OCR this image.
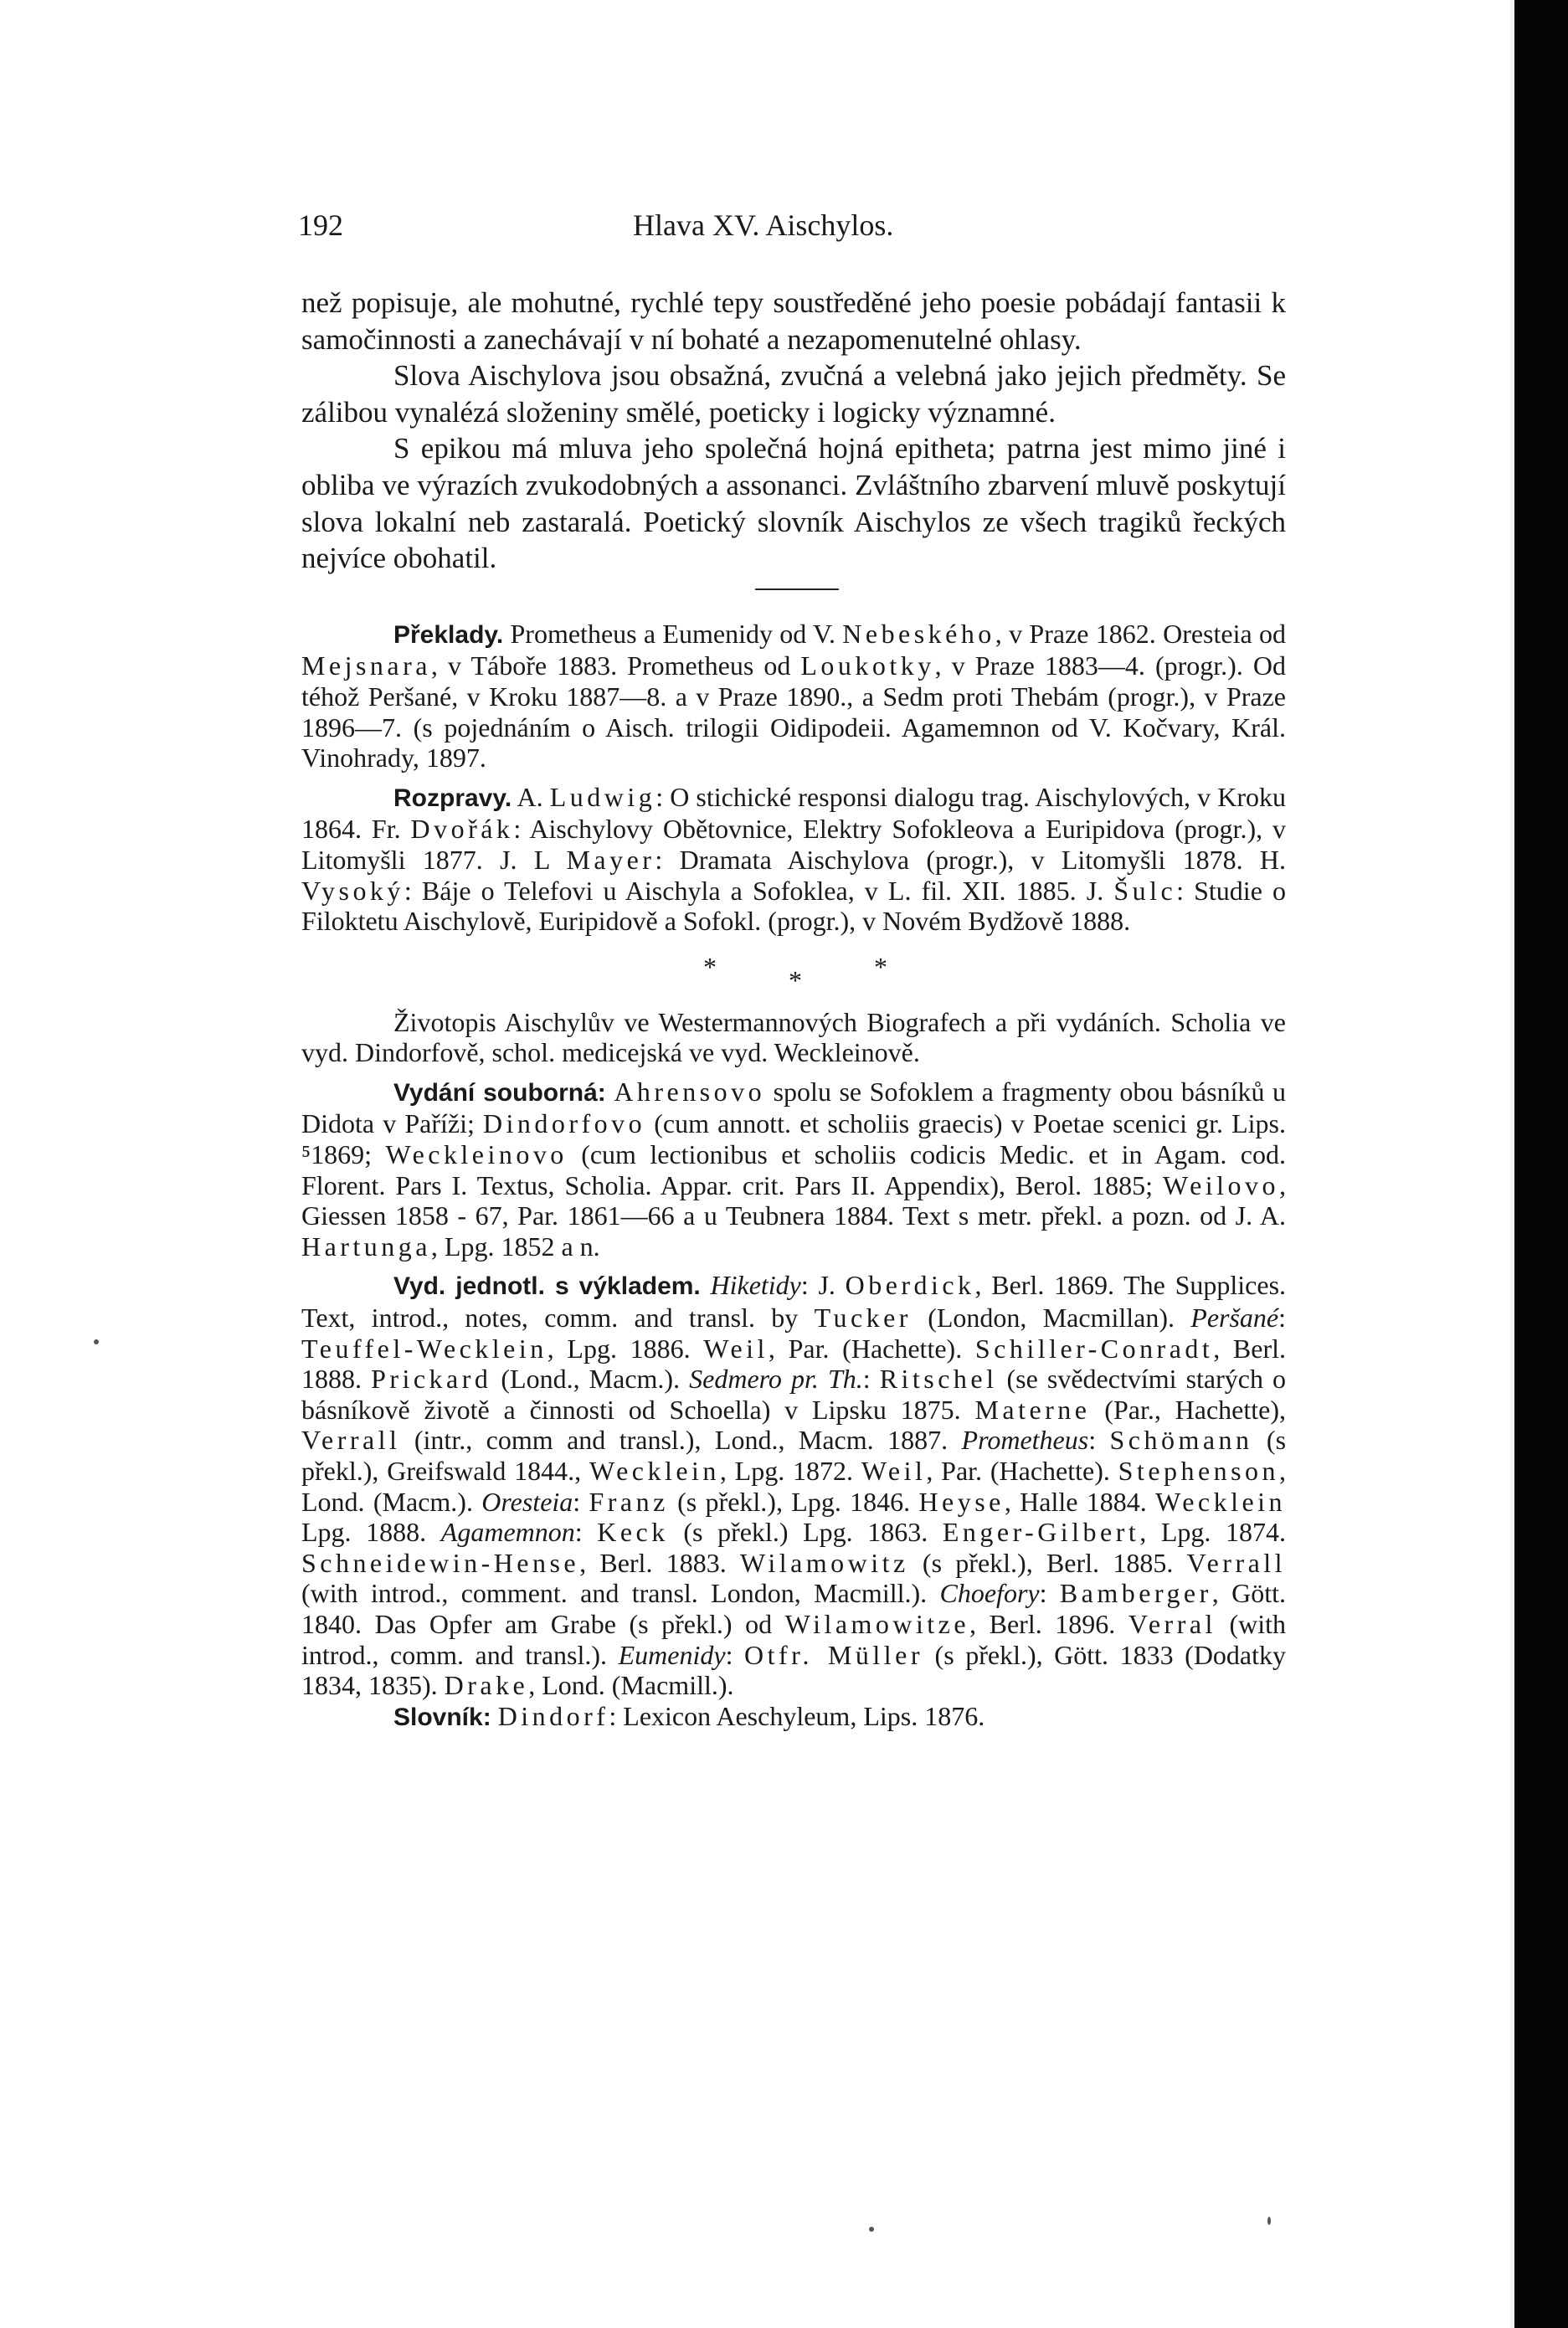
192	Hlava XV. Aischylos.

než popisuje, ale mohutné, rychlé tepy soustředěné jeho poesie pobádají fantasii k samočinnosti a zanechávají v ní bohaté a nezapomenutelné ohlasy.

Slova Aischylova jsou obsažná, zvučná a velebná jako jejich předměty. Se zálibou vynalézá složeniny smělé, poeticky i logicky významné.

S epikou má mluva jeho společná hojná epitheta; patrna jest mimo jiné i obliba ve výrazích zvukodobných a assonanci. Zvláštního zbarvení mluvě poskytují slova lokalní neb zastaralá. Poetický slovník Aischylos ze všech tragiků řeckých nejvíce obohatil.

Překlady. Prometheus a Eumenidy od V. Nebeského, v Praze 1862. Oresteia od Mejsnara, v Táboře 1883. Prometheus od Loukotky, v Praze 1883—4. (progr.). Od téhož Peršané, v Kroku 1887—8. a v Praze 1890., a Sedm proti Thebám (progr.), v Praze 1896—7. (s pojednáním o Aisch. trilogii Oidipodeii. Agamemnon od V. Kočvary, Král. Vinohrady, 1897.

Rozpravy. A. Ludwig: O stichické responsi dialogu trag. Aischylových, v Kroku 1864. Fr. Dvořák: Aischylovy Obětovnice, Elektry Sofokleova a Euripidova (progr.), v Litomyšli 1877. J. L Mayer: Dramata Aischylova (progr.), v Litomyšli 1878. H. Vysoký: Báje o Telefovi u Aischyla a Sofoklea, v L. fil. XII. 1885. J. Šulc: Studie o Filoktetu Aischylově, Euripidově a Sofokl. (progr.), v Novém Bydžově 1888.

*	*	*

Životopis Aischylův ve Westermannových Biografech a při vydáních. Scholia ve vyd. Dindorfově, schol. medicejská ve vyd. Weckleinově.

Vydání souborná: Ahrensovo spolu se Sofoklem a fragmenty obou básníků u Didota v Paříži; Dindorfovo (cum annott. et scholiis graecis) v Poetae scenici gr. Lips. ⁵1869; Weckleinovo (cum lectionibus et scholiis codicis Medic. et in Agam. cod. Florent. Pars I. Textus, Scholia. Appar. crit. Pars II. Appendix), Berol. 1885; Weilovo, Giessen 1858 - 67, Par. 1861—66 a u Teubnera 1884. Text s metr. překl. a pozn. od J. A. Hartunga, Lpg. 1852 a n.

Vyd. jednotl. s výkladem. Hiketidy: J. Oberdick, Berl. 1869. The Supplices. Text, introd., notes, comm. and transl. by Tucker (London, Macmillan). Peršané: Teuffel-Wecklein, Lpg. 1886. Weil, Par. (Hachette). Schiller-Conradt, Berl. 1888. Prickard (Lond., Macm.). Sedmero pr. Th.: Ritschel (se svědectvími starých o básníkově životě a činnosti od Schoella) v Lipsku 1875. Materne (Par., Hachette), Verrall (intr., comm and transl.), Lond., Macm. 1887. Prometheus: Schömann (s překl.), Greifswald 1844., Wecklein, Lpg. 1872. Weil, Par. (Hachette). Stephenson, Lond. (Macm.). Oresteia: Franz (s překl.), Lpg. 1846. Heyse, Halle 1884. Wecklein Lpg. 1888. Agamemnon: Keck (s překl.) Lpg. 1863. Enger-Gilbert, Lpg. 1874. Schneidewin-Hense, Berl. 1883. Wilamowitz (s překl.), Berl. 1885. Verrall (with introd., comment. and transl. London, Macmill.). Choefory: Bamberger, Gött. 1840. Das Opfer am Grabe (s překl.) od Wilamowitze, Berl. 1896. Verral (with introd., comm. and transl.). Eumenidy: Otfr. Müller (s překl.), Gött. 1833 (Dodatky 1834, 1835). Drake, Lond. (Macmill.).

Slovník: Dindorf: Lexicon Aeschyleum, Lips. 1876.
